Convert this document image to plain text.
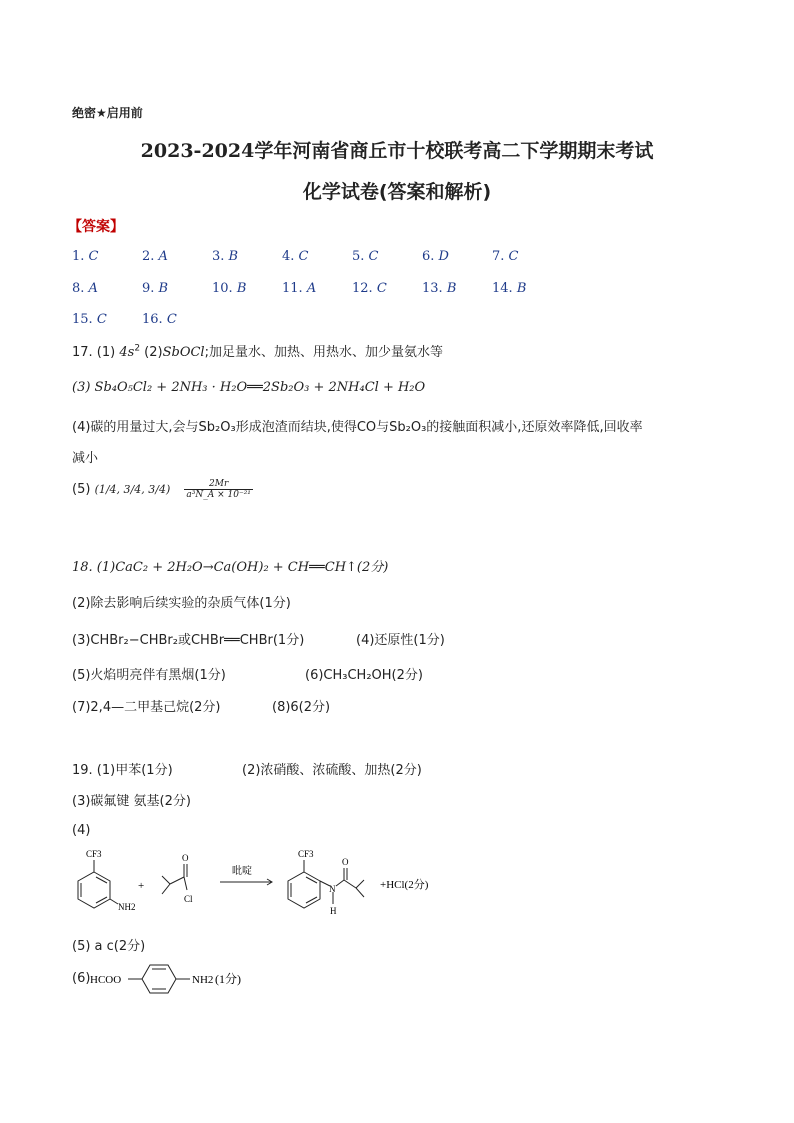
绝密★启用前
2023-2024学年河南省商丘市十校联考高二下学期期末考试
化学试卷(答案和解析)
【答案】
1. C	2. A	3. B	4. C	5. C	6. D	7. C
8. A	9. B	10. B	11. A	12. C	13. B	14. B
15. C	16. C
17. (1) $4s^2$ (2)SbOCl;加足量水、加热、用热水、加少量氨水等
(3) Sb₄O₅Cl₂ + 2NH₃ · H₂O══2Sb₂O₃ + 2NH₄Cl + H₂O
(4)碳的用量过大,会与Sb₂O₃形成泡渣而结块,使得CO与Sb₂O₃的接触面积减小,还原效率降低,回收率
减小
(5) (1/4, 3/4, $3/4) \frac{2Mr}{\text{a³N\_A × 10⁻²¹}}$
18. (1)CaC₂ + 2H₂O→Ca(OH)₂ + CH══CH↑(2分)
(2)除去影响后续实验的杂质气体(1分)
(3)CHBr₂−CHBr₂或CHBr══CHBr(1分)	(4)还原性(1分)
(5)火焰明亮伴有黑烟(1分)	(6)CH₃CH₂OH(2分)
(7)2,4—二甲基己烷(2分)	(8)6(2分)
19. (1)甲苯(1分)	(2)浓硝酸、浓硫酸、加热(2分)
(3)碳氟键 氨基(2分)
(4)
CF3
NH2
+
O
Cl
吡啶
CF3
N
H
O
+HCl(2分)
(5) a c(2分)
(6) HCOO	NH2 (1分)
